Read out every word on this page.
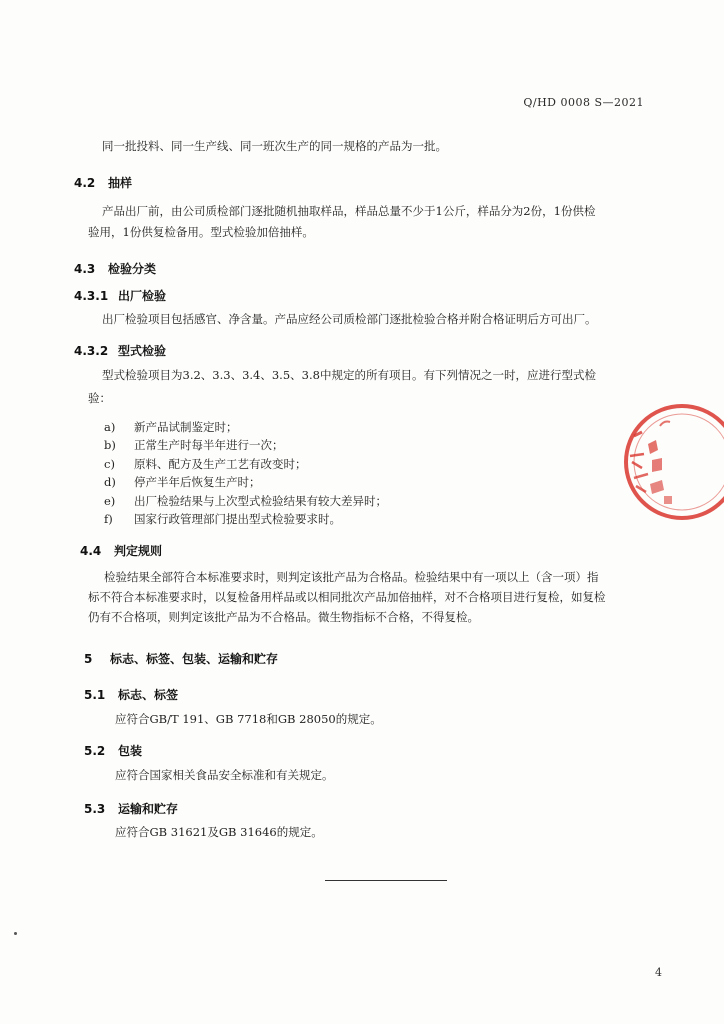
Q/HD 0008 S—2021
同一批投料、同一生产线、同一班次生产的同一规格的产品为一批。
4.2 抽样
产品出厂前，由公司质检部门逐批随机抽取样品，样品总量不少于1公斤，样品分为2份，1份供检
验用，1份供复检备用。型式检验加倍抽样。
4.3 检验分类
4.3.1 出厂检验
出厂检验项目包括感官、净含量。产品应经公司质检部门逐批检验合格并附合格证明后方可出厂。
4.3.2 型式检验
型式检验项目为3.2、3.3、3.4、3.5、3.8中规定的所有项目。有下列情况之一时，应进行型式检
验：
a) 新产品试制鉴定时；
b) 正常生产时每半年进行一次；
c) 原料、配方及生产工艺有改变时；
d) 停产半年后恢复生产时；
e) 出厂检验结果与上次型式检验结果有较大差异时；
f) 国家行政管理部门提出型式检验要求时。
4.4 判定规则
检验结果全部符合本标准要求时，则判定该批产品为合格品。检验结果中有一项以上（含一项）指
标不符合本标准要求时，以复检备用样品或以相同批次产品加倍抽样，对不合格项目进行复检，如复检
仍有不合格项，则判定该批产品为不合格品。微生物指标不合格，不得复检。
5 标志、标签、包装、运输和贮存
5.1 标志、标签
应符合GB/T 191、GB 7718和GB 28050的规定。
5.2 包装
应符合国家相关食品安全标准和有关规定。
5.3 运输和贮存
应符合GB 31621及GB 31646的规定。
4
